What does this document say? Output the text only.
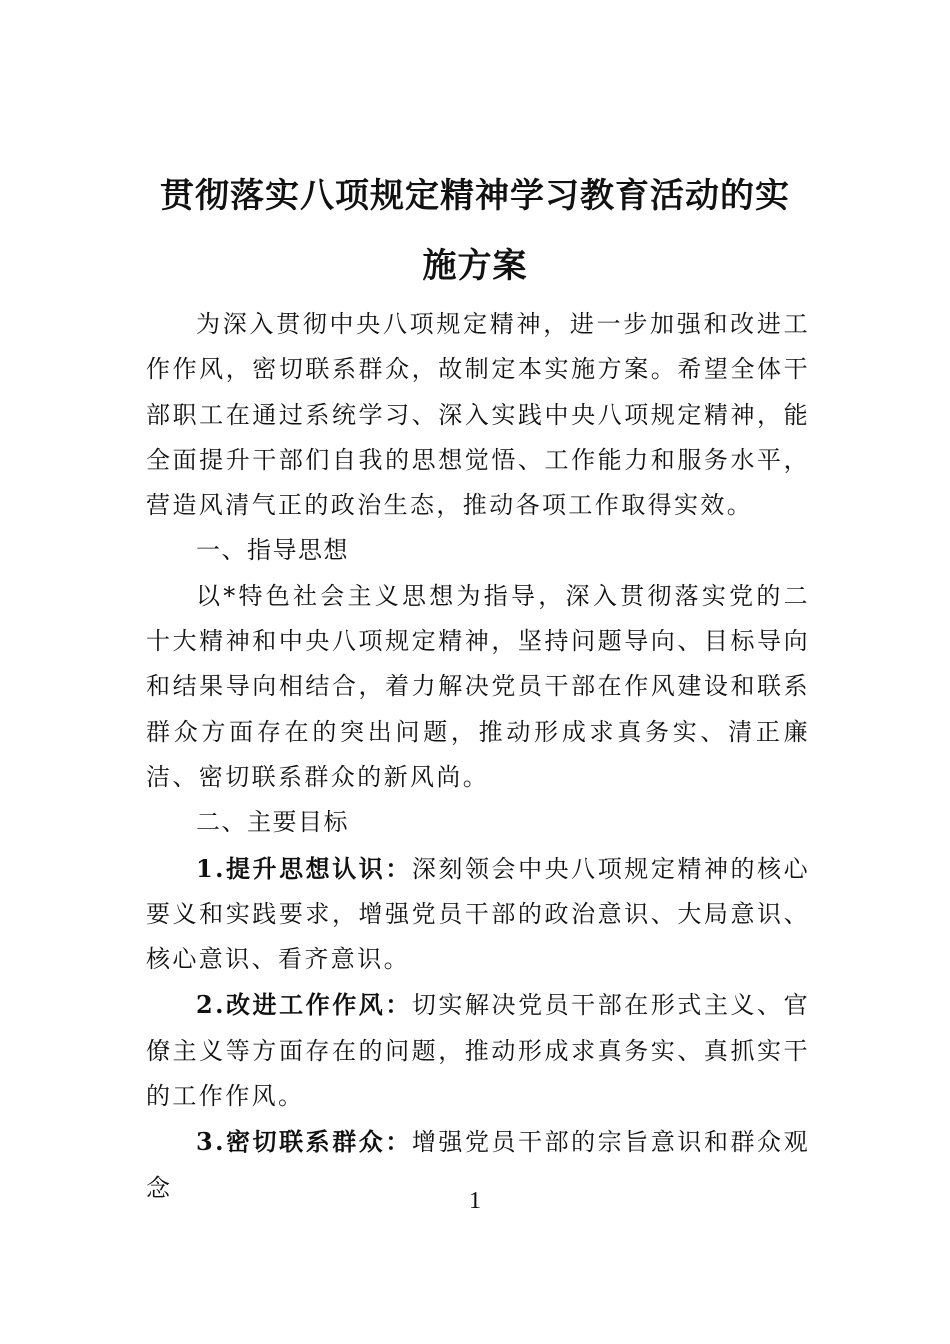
贯彻落实八项规定精神学习教育活动的实
施方案

为深入贯彻中央八项规定精神，进一步加强和改进工作作风，密切联系群众，故制定本实施方案。希望全体干部职工在通过系统学习、深入实践中央八项规定精神，能全面提升干部们自我的思想觉悟、工作能力和服务水平，营造风清气正的政治生态，推动各项工作取得实效。

一、指导思想

以*特色社会主义思想为指导，深入贯彻落实党的二十大精神和中央八项规定精神，坚持问题导向、目标导向和结果导向相结合，着力解决党员干部在作风建设和联系群众方面存在的突出问题，推动形成求真务实、清正廉洁、密切联系群众的新风尚。

二、主要目标

1.提升思想认识：深刻领会中央八项规定精神的核心要义和实践要求，增强党员干部的政治意识、大局意识、核心意识、看齐意识。

2.改进工作作风：切实解决党员干部在形式主义、官僚主义等方面存在的问题，推动形成求真务实、真抓实干的工作作风。

3.密切联系群众：增强党员干部的宗旨意识和群众观念	1
